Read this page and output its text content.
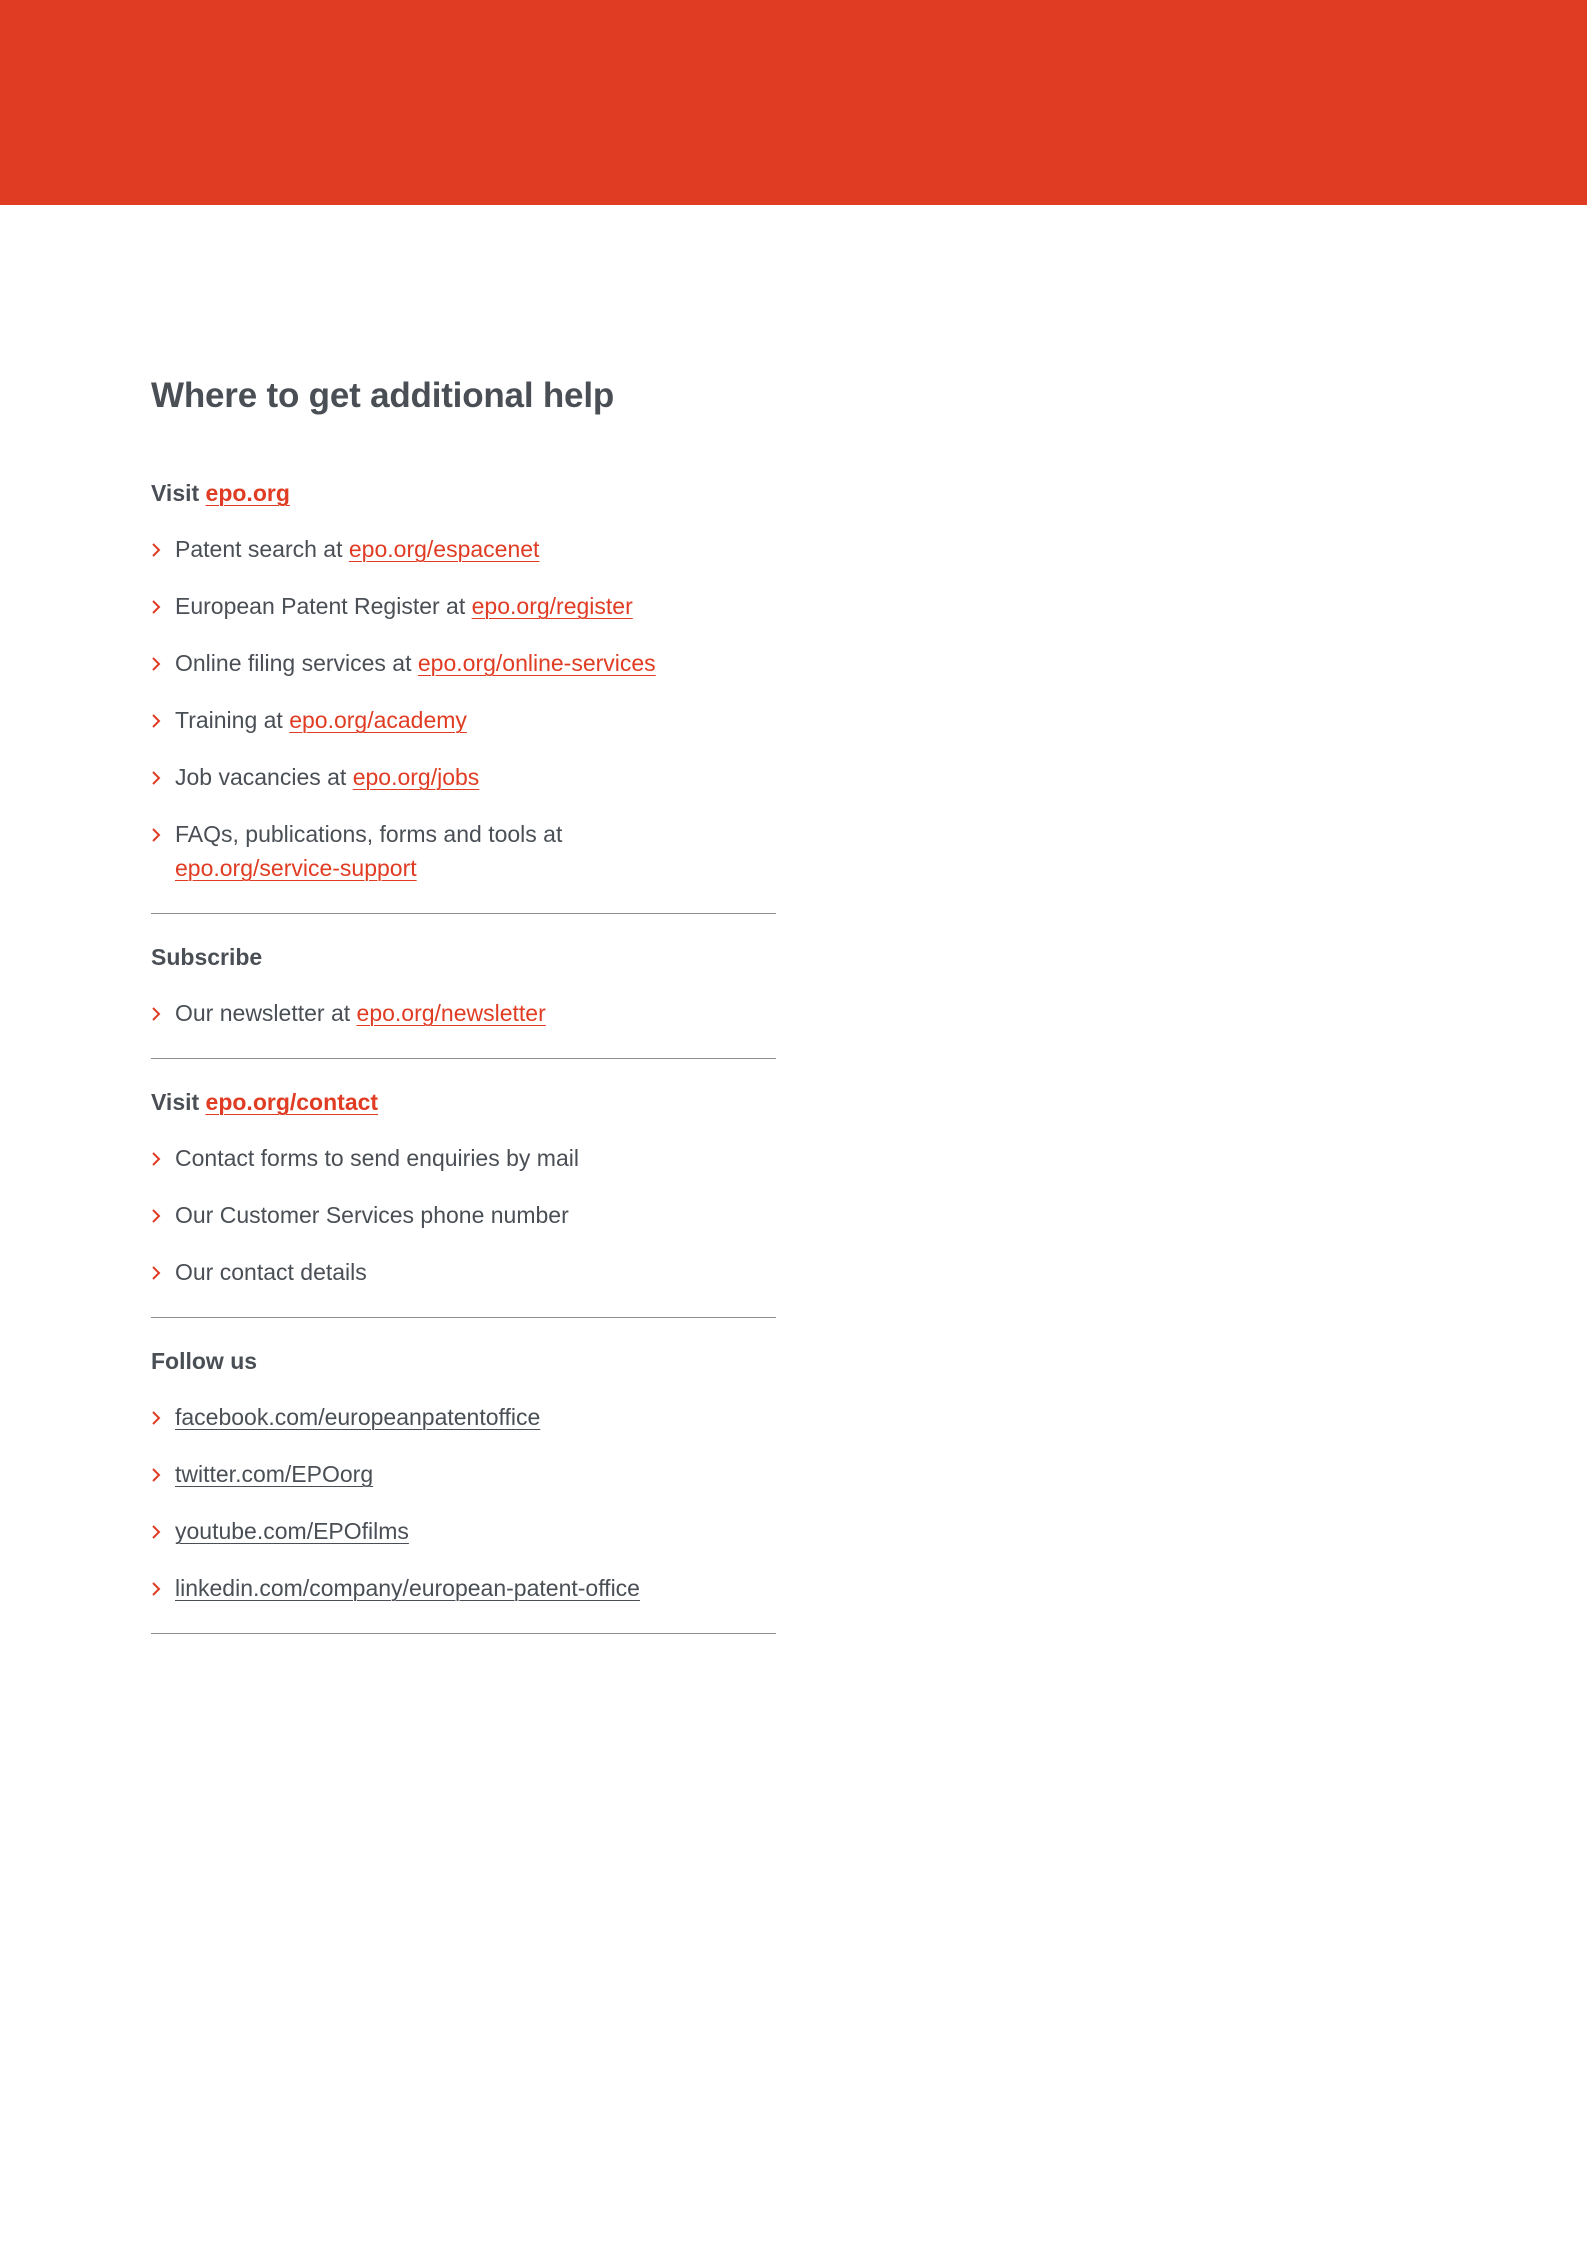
Where to get additional help
Visit epo.org
Patent search at epo.org/espacenet
European Patent Register at epo.org/register
Online filing services at epo.org/online-services
Training at epo.org/academy
Job vacancies at epo.org/jobs
FAQs, publications, forms and tools at
epo.org/service-support
Subscribe
Our newsletter at epo.org/newsletter
Visit epo.org/contact
Contact forms to send enquiries by mail
Our Customer Services phone number
Our contact details
Follow us
facebook.com/europeanpatentoffice
twitter.com/EPOorg
youtube.com/EPOfilms
linkedin.com/company/european-patent-office
